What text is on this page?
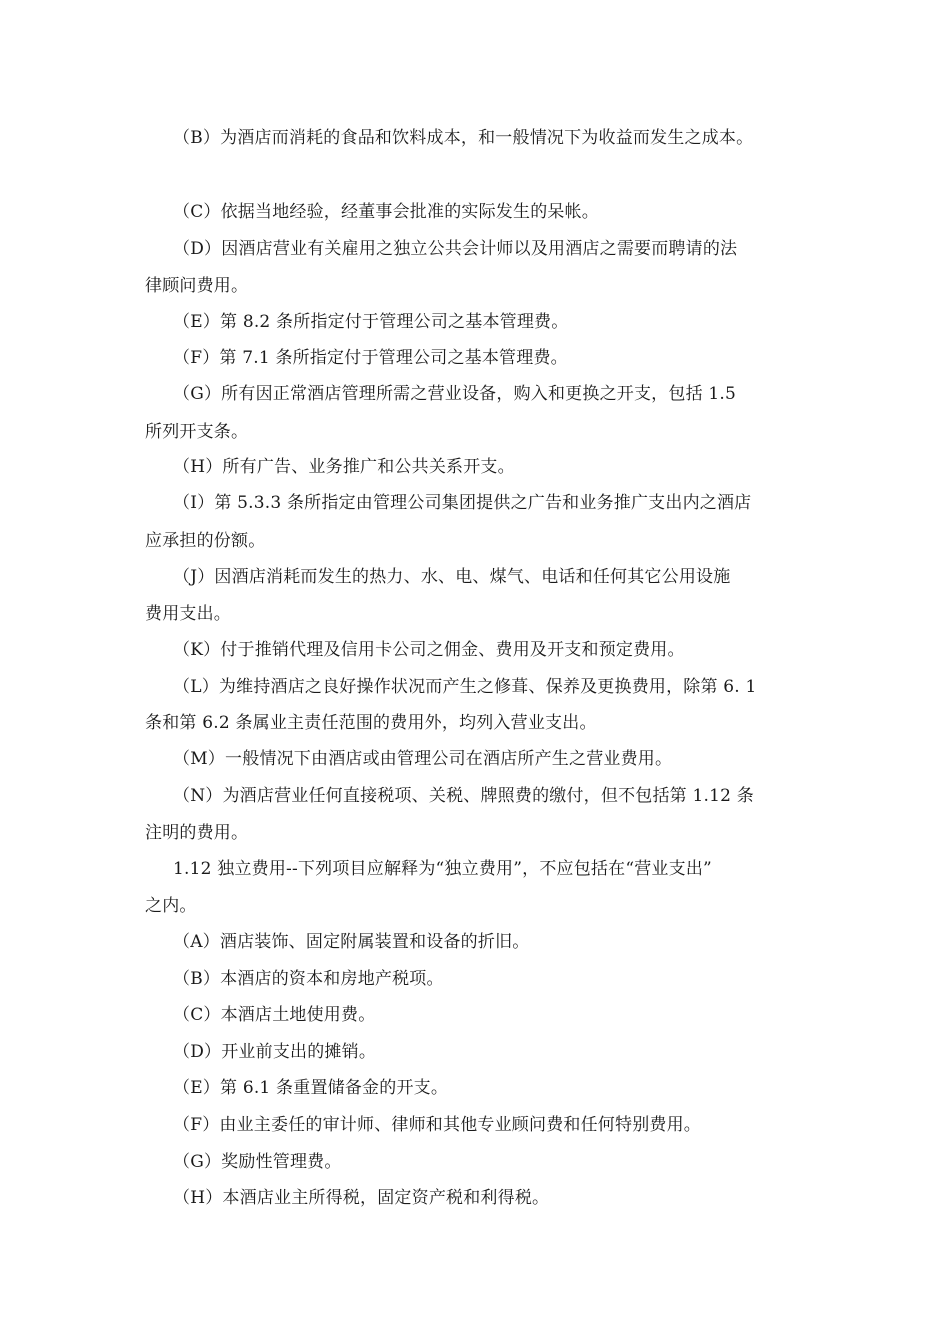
（B）为酒店而消耗的食品和饮料成本，和一般情况下为收益而发生之成本。
（C）依据当地经验，经董事会批准的实际发生的呆帐。
（D）因酒店营业有关雇用之独立公共会计师以及用酒店之需要而聘请的法
律顾问费用。
（E）第 8.2 条所指定付于管理公司之基本管理费。
（F）第 7.1 条所指定付于管理公司之基本管理费。
（G）所有因正常酒店管理所需之营业设备，购入和更换之开支，包括 1.5
所列开支条。
（H）所有广告、业务推广和公共关系开支。
（I）第 5.3.3 条所指定由管理公司集团提供之广告和业务推广支出内之酒店
应承担的份额。
（J）因酒店消耗而发生的热力、水、电、煤气、电话和任何其它公用设施
费用支出。
（K）付于推销代理及信用卡公司之佣金、费用及开支和预定费用。
（L）为维持酒店之良好操作状况而产生之修葺、保养及更换费用，除第 6. 1
条和第 6.2 条属业主责任范围的费用外，均列入营业支出。
（M）一般情况下由酒店或由管理公司在酒店所产生之营业费用。
（N）为酒店营业任何直接税项、关税、牌照费的缴付，但不包括第 1.12 条
注明的费用。
1.12 独立费用--下列项目应解释为“独立费用”，不应包括在“营业支出”
之内。
（A）酒店装饰、固定附属装置和设备的折旧。
（B）本酒店的资本和房地产税项。
（C）本酒店土地使用费。
（D）开业前支出的摊销。
（E）第 6.1 条重置储备金的开支。
（F）由业主委任的审计师、律师和其他专业顾问费和任何特别费用。
（G）奖励性管理费。
（H）本酒店业主所得税，固定资产税和利得税。
